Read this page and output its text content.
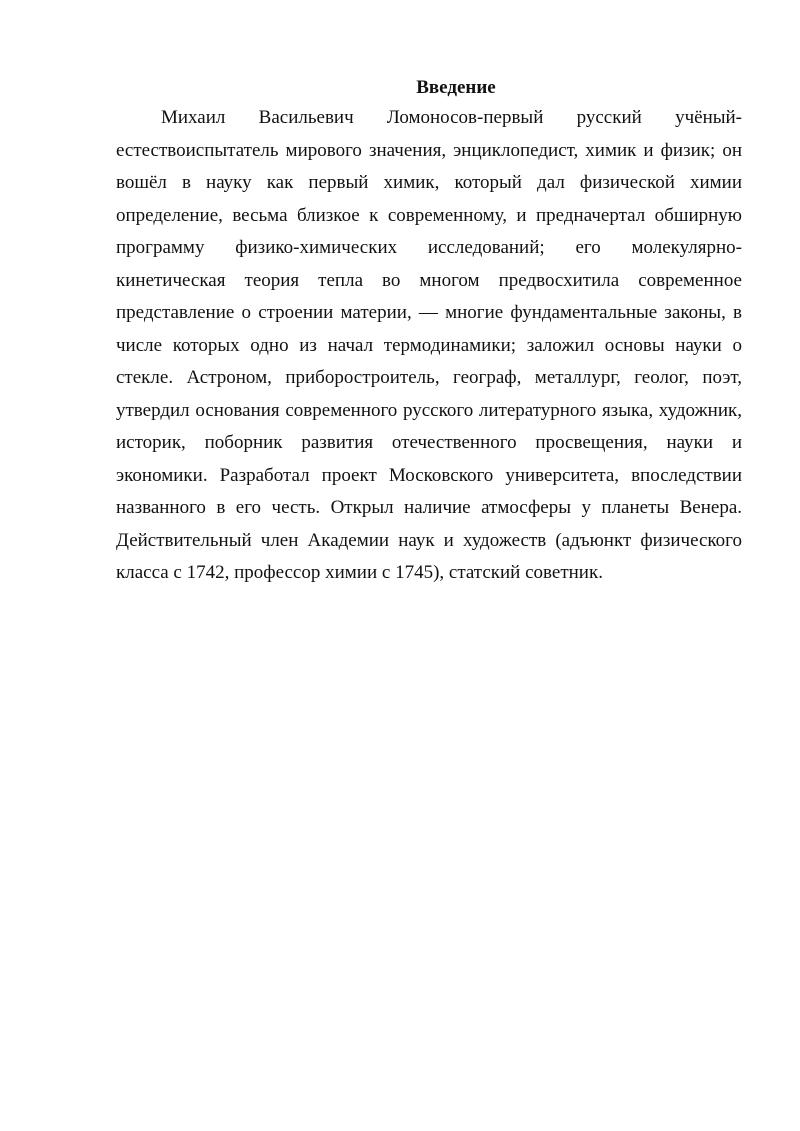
Введение

Михаил Васильевич Ломоносов-первый русский учёный-естествоиспытатель мирового значения, энциклопедист, химик и физик; он вошёл в науку как первый химик, который дал физической химии определение, весьма близкое к современному, и предначертал обширную программу физико-химических исследований; его молекулярно-кинетическая теория тепла во многом предвосхитила современное представление о строении материи, — многие фундаментальные законы, в числе которых одно из начал термодинамики; заложил основы науки о стекле. Астроном, приборостроитель, географ, металлург, геолог, поэт, утвердил основания современного русского литературного языка, художник, историк, поборник развития отечественного просвещения, науки и экономики. Разработал проект Московского университета, впоследствии названного в его честь. Открыл наличие атмосферы у планеты Венера. Действительный член Академии наук и художеств (адъюнкт физического класса с 1742, профессор химии с 1745), статский советник.
